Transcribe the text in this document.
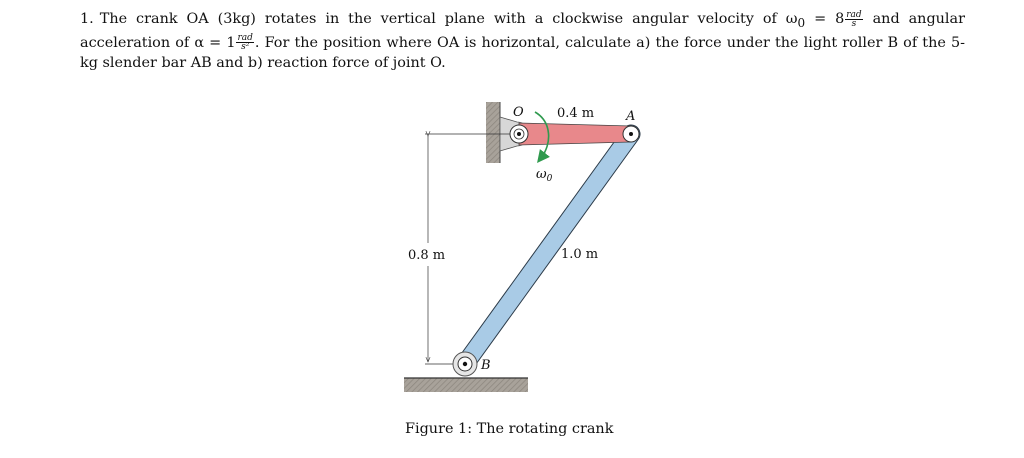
1. The crank OA (3kg) rotates in the vertical plane with a clockwise angular velocity of $\omega_0 = 8 \frac{\text{rad}}{s}$ and angular acceleration of $\alpha = 1 \frac{\text{rad}}{\text{s²}}$ . For the position where OA is horizontal, calculate a) the force under the light roller B of the 5-kg slender bar AB and b) reaction force of joint O.
O	0.4 m A
$\omega_0$
0.8 m	1.0 m
B
Figure 1: The rotating crank
